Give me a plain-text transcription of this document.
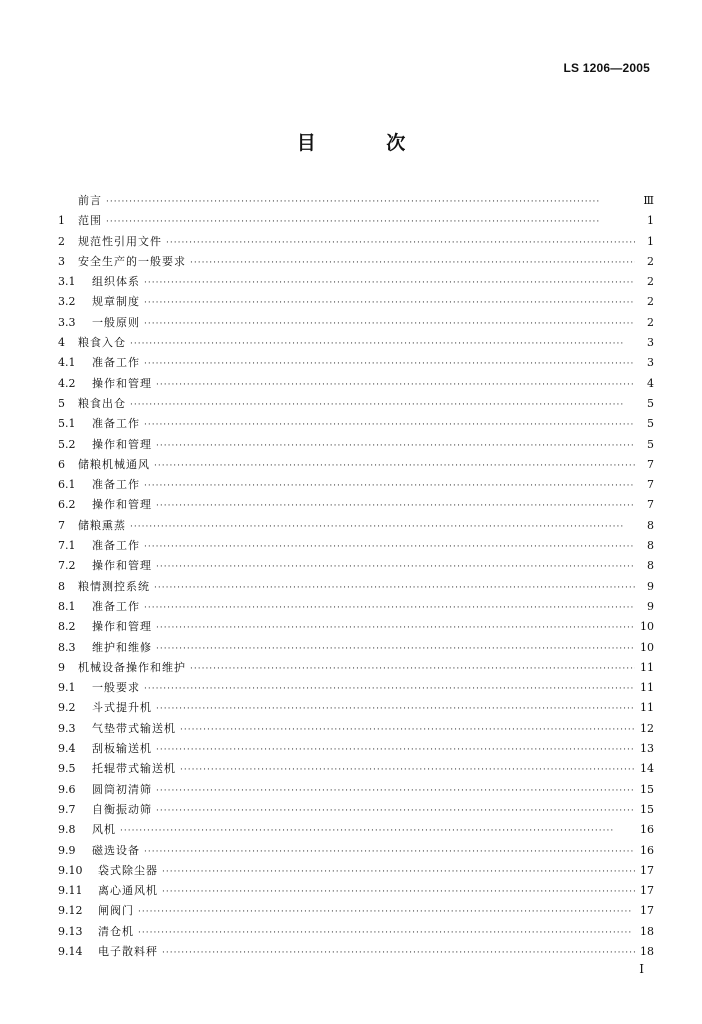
LS 1206—2005
目 次
前言 ·····	Ⅲ
1	范围 ·····	1
2	规范性引用文件 ·····	1
3	安全生产的一般要求 ·····	2
3.1	组织体系 ·····	2
3.2	规章制度 ·····	2
3.3	一般原则 ·····	2
4	粮食入仓 ·····	3
4.1	准备工作 ·····	3
4.2	操作和管理 ·····	4
5	粮食出仓 ·····	5
5.1	准备工作 ·····	5
5.2	操作和管理 ·····	5
6	储粮机械通风 ·····	7
6.1	准备工作 ·····	7
6.2	操作和管理 ·····	7
7	储粮熏蒸 ·····	8
7.1	准备工作 ·····	8
7.2	操作和管理 ·····	8
8	粮情测控系统 ·····	9
8.1	准备工作 ·····	9
8.2	操作和管理 ·····	10
8.3	维护和维修 ·····	10
9	机械设备操作和维护 ·····	11
9.1	一般要求 ·····	11
9.2	斗式提升机 ·····	11
9.3	气垫带式输送机 ·····	12
9.4	刮板输送机 ·····	13
9.5	托辊带式输送机 ·····	14
9.6	圆筒初清筛 ·····	15
9.7	自衡振动筛 ·····	15
9.8	风机 ·····	16
9.9	磁选设备 ·····	16
9.10	袋式除尘器 ·····	17
9.11	离心通风机 ·····	17
9.12	闸阀门 ·····	17
9.13	清仓机 ·····	18
9.14	电子散料秤 ·····	18
I
